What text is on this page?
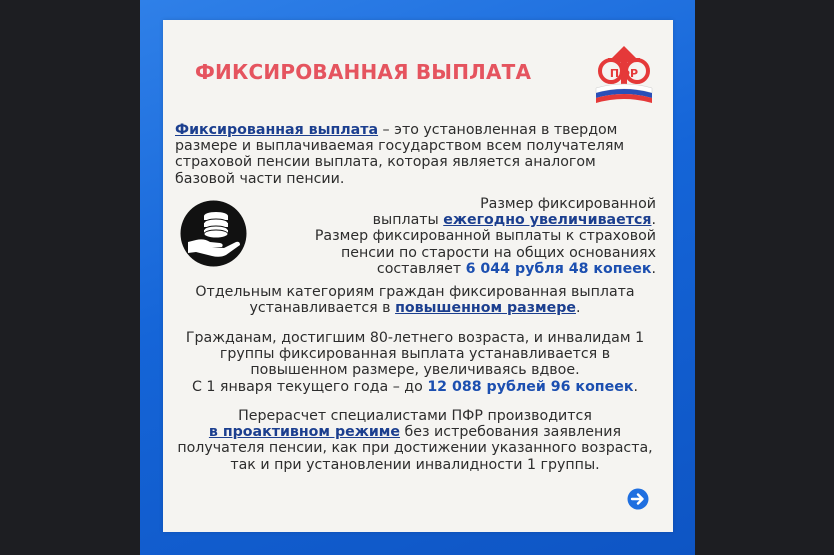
ФИКСИРОВАННАЯ ВЫПЛАТА	ПФР
Фиксированная выплата – это установленная в твердом размере и выплачиваемая государством всем получателям страховой пенсии выплата, которая является аналогом базовой части пенсии.
Размер фиксированной
выплаты ежегодно увеличивается.
Размер фиксированной выплаты к страховой пенсии по старости на общих основаниях составляет 6 044 рубля 48 копеек.
Отдельным категориям граждан фиксированная выплата устанавливается в повышенном размере.
Гражданам, достигшим 80-летнего возраста, и инвалидам 1 группы фиксированная выплата устанавливается в повышенном размере, увеличиваясь вдвое.
С 1 января текущего года – до 12 088 рублей 96 копеек.
Перерасчет специалистами ПФР производится
в проактивном режиме без истребования заявления получателя пенсии, как при достижении указанного возраста, так и при установлении инвалидности 1 группы.
